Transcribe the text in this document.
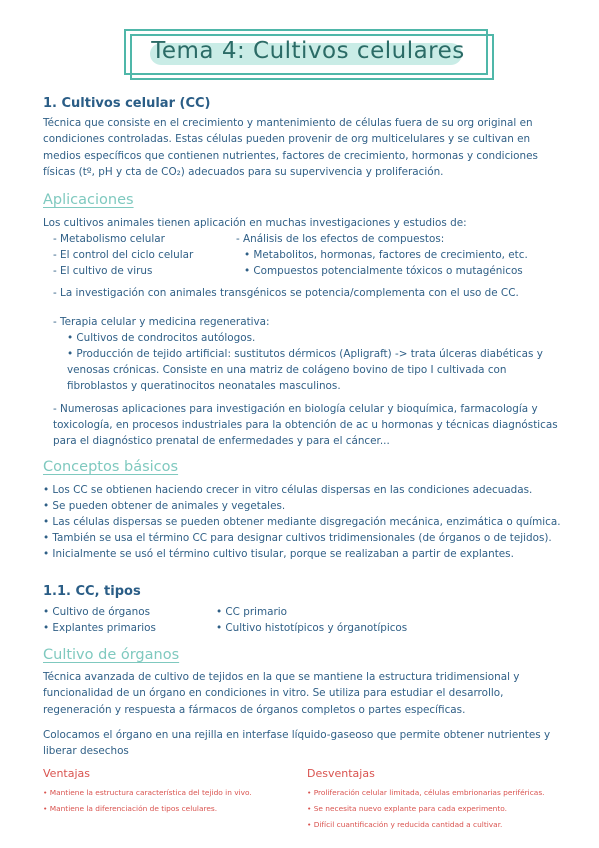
Tema 4: Cultivos celulares
1. Cultivos celular (CC)
Técnica que consiste en el crecimiento y mantenimiento de células fuera de su org original en
condiciones controladas. Estas células pueden provenir de org multicelulares y se cultivan en
medios específicos que contienen nutrientes, factores de crecimiento, hormonas y condiciones
físicas (tº, pH y cta de CO₂) adecuados para su supervivencia y proliferación.
Aplicaciones
Los cultivos animales tienen aplicación en muchas investigaciones y estudios de:
- Metabolismo celular
- El control del ciclo celular
- El cultivo de virus
- Análisis de los efectos de compuestos:
• Metabolitos, hormonas, factores de crecimiento, etc.
• Compuestos potencialmente tóxicos o mutagénicos
- La investigación con animales transgénicos se potencia/complementa con el uso de CC.
- Terapia celular y medicina regenerativa:
• Cultivos de condrocitos autólogos.
• Producción de tejido artificial: sustitutos dérmicos (Apligraft) -> trata úlceras diabéticas y
venosas crónicas. Consiste en una matriz de colágeno bovino de tipo I cultivada con
fibroblastos y queratinocitos neonatales masculinos.
- Numerosas aplicaciones para investigación en biología celular y bioquímica, farmacología y
toxicología, en procesos industriales para la obtención de ac u hormonas y técnicas diagnósticas
para el diagnóstico prenatal de enfermedades y para el cáncer...
Conceptos básicos
• Los CC se obtienen haciendo crecer in vitro células dispersas en las condiciones adecuadas.
• Se pueden obtener de animales y vegetales.
• Las células dispersas se pueden obtener mediante disgregación mecánica, enzimática o química.
• También se usa el término CC para designar cultivos tridimensionales (de órganos o de tejidos).
• Inicialmente se usó el término cultivo tisular, porque se realizaban a partir de explantes.
1.1. CC, tipos
• Cultivo de órganos
• Explantes primarios
• CC primario
• Cultivo histotípicos y órganotípicos
Cultivo de órganos
Técnica avanzada de cultivo de tejidos en la que se mantiene la estructura tridimensional y
funcionalidad de un órgano en condiciones in vitro. Se utiliza para estudiar el desarrollo,
regeneración y respuesta a fármacos de órganos completos o partes específicas.
Colocamos el órgano en una rejilla en interfase líquido-gaseoso que permite obtener nutrientes y
liberar desechos
Ventajas
• Mantiene la estructura característica del tejido in vivo.
• Mantiene la diferenciación de tipos celulares.
Desventajas
• Proliferación celular limitada, células embrionarias periféricas.
• Se necesita nuevo explante para cada experimento.
• Difícil cuantificación y reducida cantidad a cultivar.
